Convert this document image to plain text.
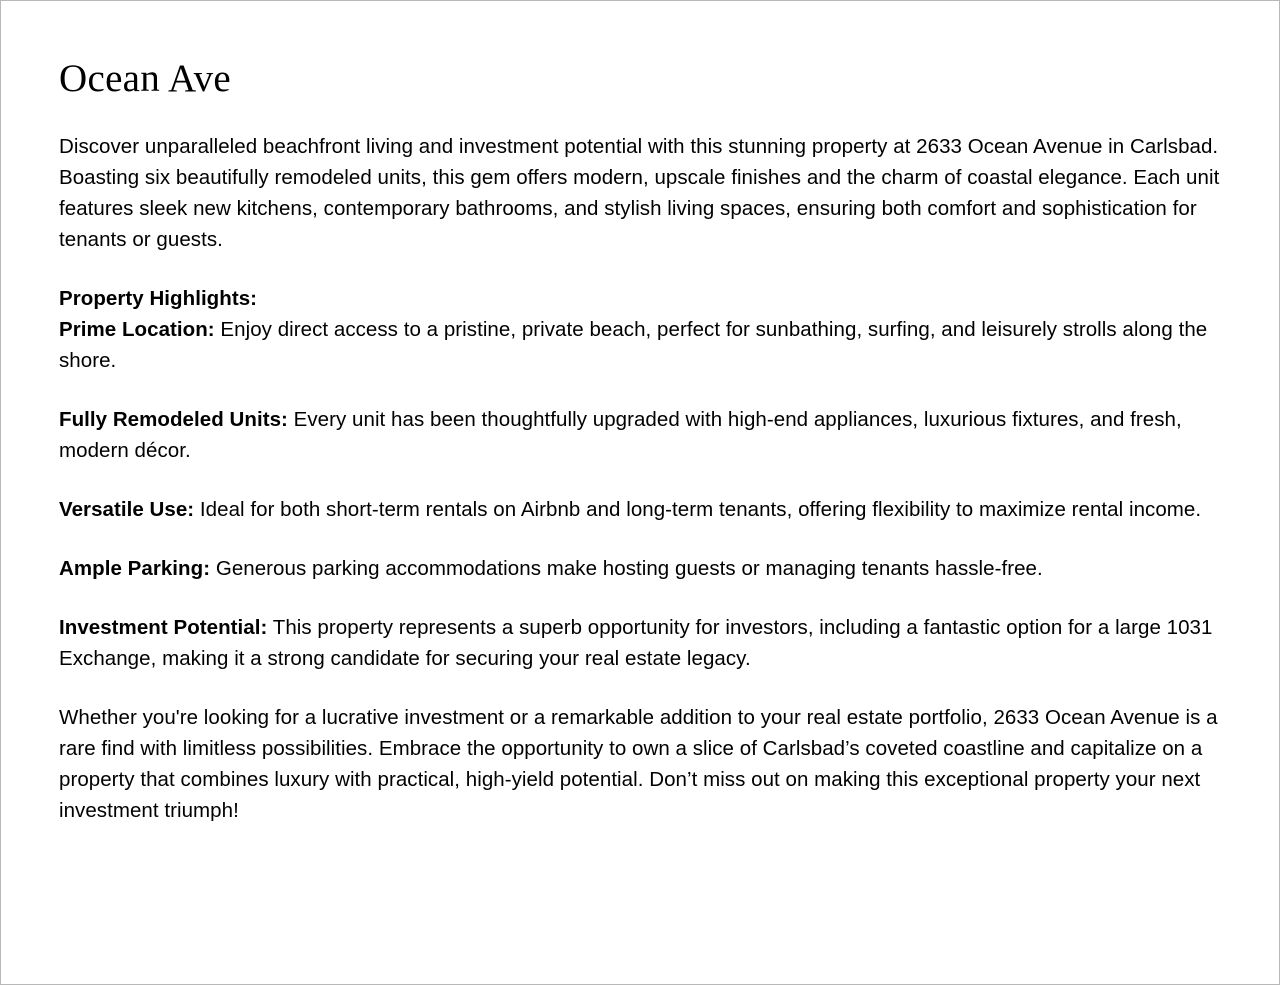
Ocean Ave

Discover unparalleled beachfront living and investment potential with this stunning property at 2633 Ocean Avenue in Carlsbad. Boasting six beautifully remodeled units, this gem offers modern, upscale finishes and the charm of coastal elegance. Each unit features sleek new kitchens, contemporary bathrooms, and stylish living spaces, ensuring both comfort and sophistication for tenants or guests.

Property Highlights:

Prime Location: Enjoy direct access to a pristine, private beach, perfect for sunbathing, surfing, and leisurely strolls along the shore.

Fully Remodeled Units: Every unit has been thoughtfully upgraded with high-end appliances, luxurious fixtures, and fresh, modern décor.

Versatile Use: Ideal for both short-term rentals on Airbnb and long-term tenants, offering flexibility to maximize rental income.

Ample Parking: Generous parking accommodations make hosting guests or managing tenants hassle-free.

Investment Potential: This property represents a superb opportunity for investors, including a fantastic option for a large 1031 Exchange, making it a strong candidate for securing your real estate legacy.

Whether you're looking for a lucrative investment or a remarkable addition to your real estate portfolio, 2633 Ocean Avenue is a rare find with limitless possibilities. Embrace the opportunity to own a slice of Carlsbad’s coveted coastline and capitalize on a property that combines luxury with practical, high-yield potential. Don’t miss out on making this exceptional property your next investment triumph!
